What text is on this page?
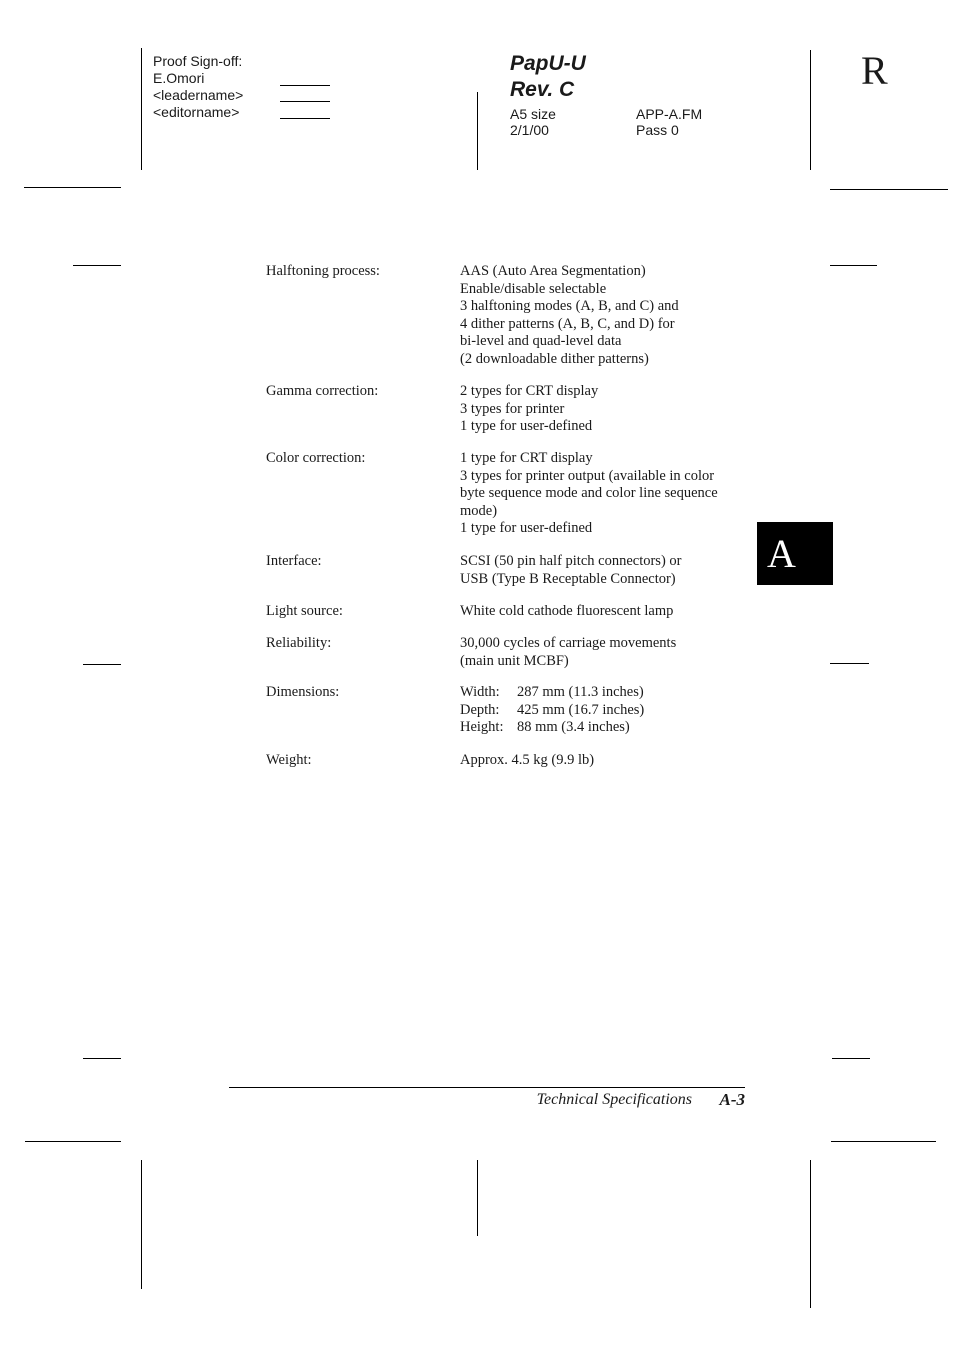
Proof Sign-off:
E.Omori
<leadername>
<editorname>
PapU-U
Rev. C
A5 size	APP-A.FM
2/1/00	Pass 0
R
Halftoning process:	AAS (Auto Area Segmentation)
Enable/disable selectable
3 halftoning modes (A, B, and C) and
4 dither patterns (A, B, C, and D) for
bi-level and quad-level data
(2 downloadable dither patterns)
Gamma correction:	2 types for CRT display
3 types for printer
1 type for user-defined
Color correction:	1 type for CRT display
3 types for printer output (available in color
byte sequence mode and color line sequence
mode)
1 type for user-defined
Interface:	SCSI (50 pin half pitch connectors) or
USB (Type B Receptable Connector)
Light source:	White cold cathode fluorescent lamp
Reliability:	30,000 cycles of carriage movements
(main unit MCBF)
Dimensions:	Width:	287 mm (11.3 inches)
Depth:	425 mm (16.7 inches)
Height: 88 mm (3.4 inches)
Weight:	Approx. 4.5 kg (9.9 lb)
A
Technical Specifications A-3
